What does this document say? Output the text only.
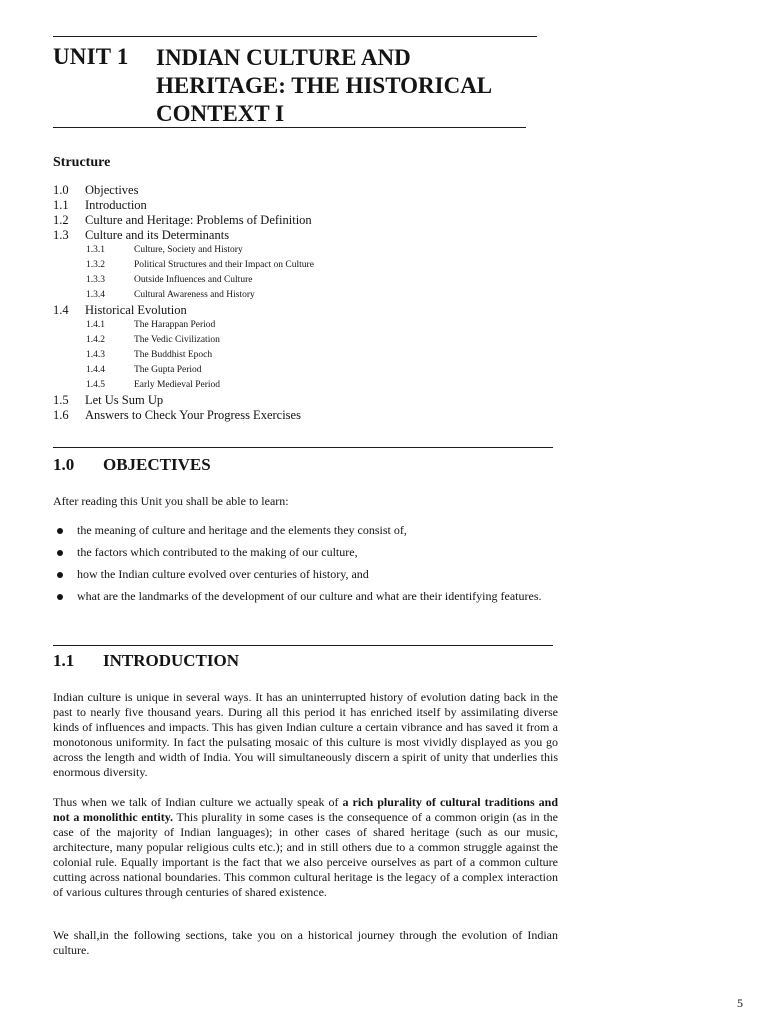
UNIT 1 INDIAN CULTURE AND
HERITAGE: THE HISTORICAL
CONTEXT I
Structure
1.0	Objectives
1.1	Introduction
1.2	Culture and Heritage: Problems of Definition
1.3	Culture and its Determinants
1.3.1	Culture, Society and History
1.3.2	Political Structures and their Impact on Culture
1.3.3	Outside Influences and Culture
1.3.4	Cultural Awareness and History
1.4	Historical Evolution
1.4.1	The Harappan Period
1.4.2	The Vedic Civilization
1.4.3	The Buddhist Epoch
1.4.4	The Gupta Period
1.4.5	Early Medieval Period
1.5	Let Us Sum Up
1.6	Answers to Check Your Progress Exercises
1.0 OBJECTIVES
After reading this Unit you shall be able to learn:
the meaning of culture and heritage and the elements they consist of,
the factors which contributed to the making of our culture,
how the Indian culture evolved over centuries of history, and
what are the landmarks of the development of our culture and what are their identifying features.
1.1 INTRODUCTION
Indian culture is unique in several ways. It has an uninterrupted history of evolution dating back in the past to nearly five thousand years. During all this period it has enriched itself by assimilating diverse kinds of influences and impacts. This has given Indian culture a certain vibrance and has saved it from a monotonous uniformity. In fact the pulsating mosaic of this culture is most vividly displayed as you go across the length and width of India. You will simultaneously discern a spirit of unity that underlies this enormous diversity.
Thus when we talk of Indian culture we actually speak of a rich plurality of cultural traditions and not a monolithic entity. This plurality in some cases is the consequence of a common origin (as in the case of the majority of Indian languages); in other cases of shared heritage (such as our music, architecture, many popular religious cults etc.); and in still others due to a common struggle against the colonial rule. Equally important is the fact that we also perceive ourselves as part of a common culture cutting across national boundaries. This common cultural heritage is the legacy of a complex interaction of various cultures through centuries of shared existence.
We shall,in the following sections, take you on a historical journey through the evolution of Indian culture.
5
